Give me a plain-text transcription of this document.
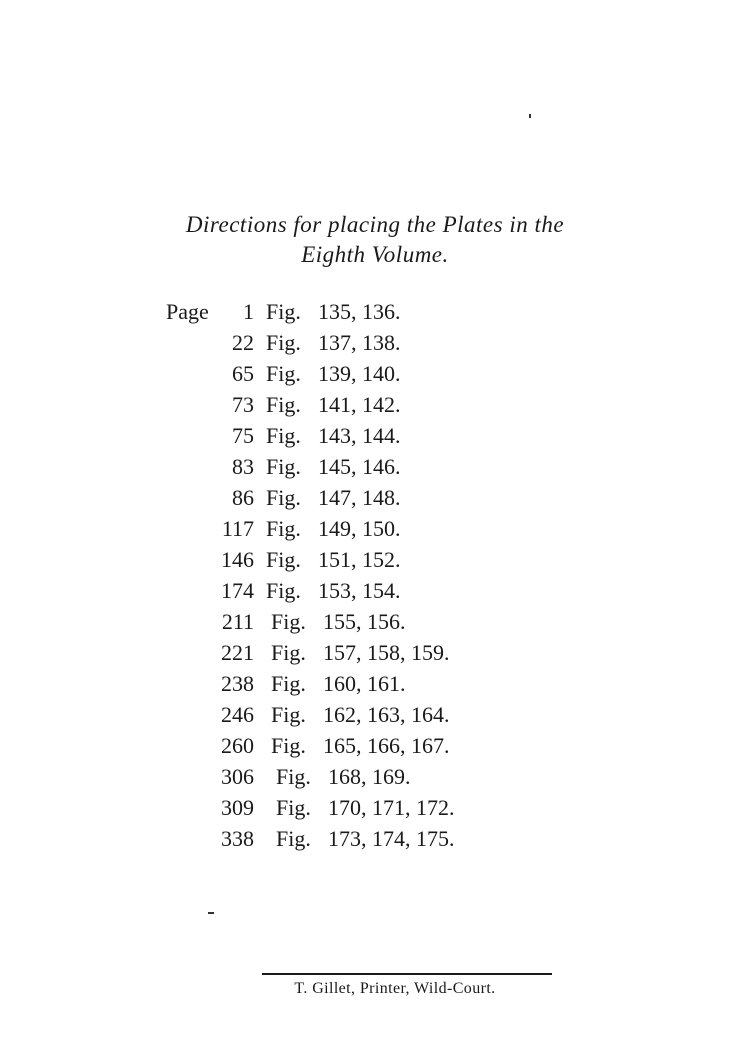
Directions for placing the Plates in the
Eighth Volume.
Page	1 Fig. 135, 136.
22 Fig. 137, 138.
65 Fig. 139, 140.
73 Fig. 141, 142.
75 Fig. 143, 144.
83 Fig. 145, 146.
86 Fig. 147, 148.
117 Fig. 149, 150.
146 Fig. 151, 152.
174 Fig. 153, 154.
211 Fig. 155, 156.
221 Fig. 157, 158, 159.
238 Fig. 160, 161.
246 Fig. 162, 163, 164.
260 Fig. 165, 166, 167.
306 Fig. 168, 169.
309 Fig. 170, 171, 172.
338 Fig. 173, 174, 175.
T. Gillet, Printer, Wild-Court.
